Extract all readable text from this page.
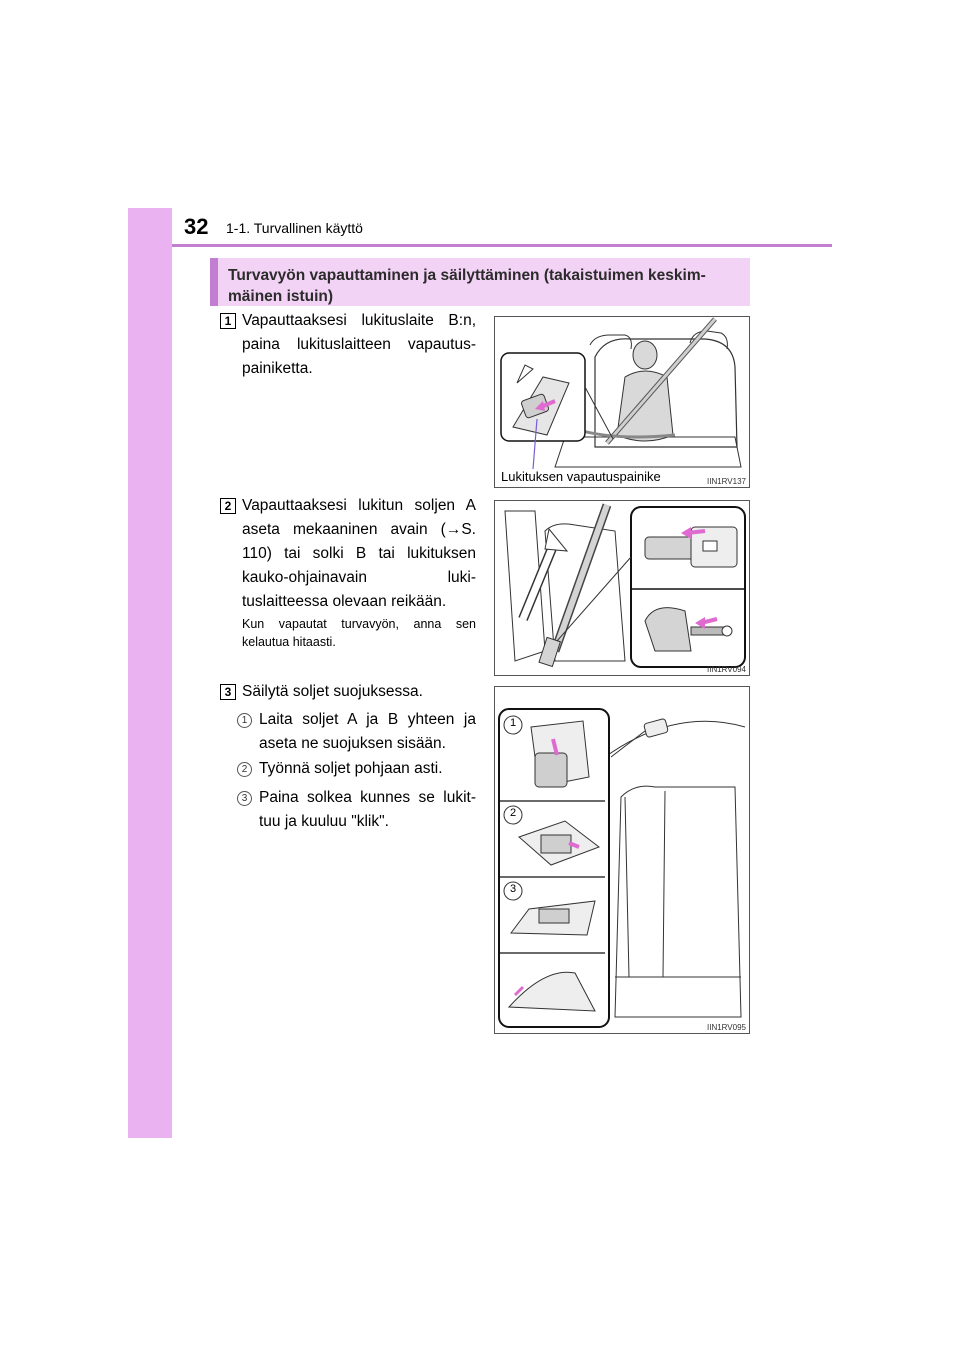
32 1-1. Turvallinen käyttö
Turvavyön vapauttaminen ja säilyttäminen (takaistuimen keskim-
mäinen istuin)
1 Vapauttaaksesi lukituslaite B:n, paina lukituslaitteen vapautuspainiketta.
Lukituksen vapautuspainike	IIN1RV137
2 Vapauttaaksesi lukitun soljen A aseta mekaaninen avain (→S. 110) tai solki B tai lukituksen kauko-ohjainavain lukituslaitteessa olevaan reikään.
Kun vapautat turvavyön, anna sen kelautua hitaasti.
IIN1RV094
3 Säilytä soljet suojuksessa.
1 Laita soljet A ja B yhteen ja aseta ne suojuksen sisään.
2 Työnnä soljet pohjaan asti.
3 Paina solkea kunnes se lukittuu ja kuuluu "klik".
1
2
3
IIN1RV095
